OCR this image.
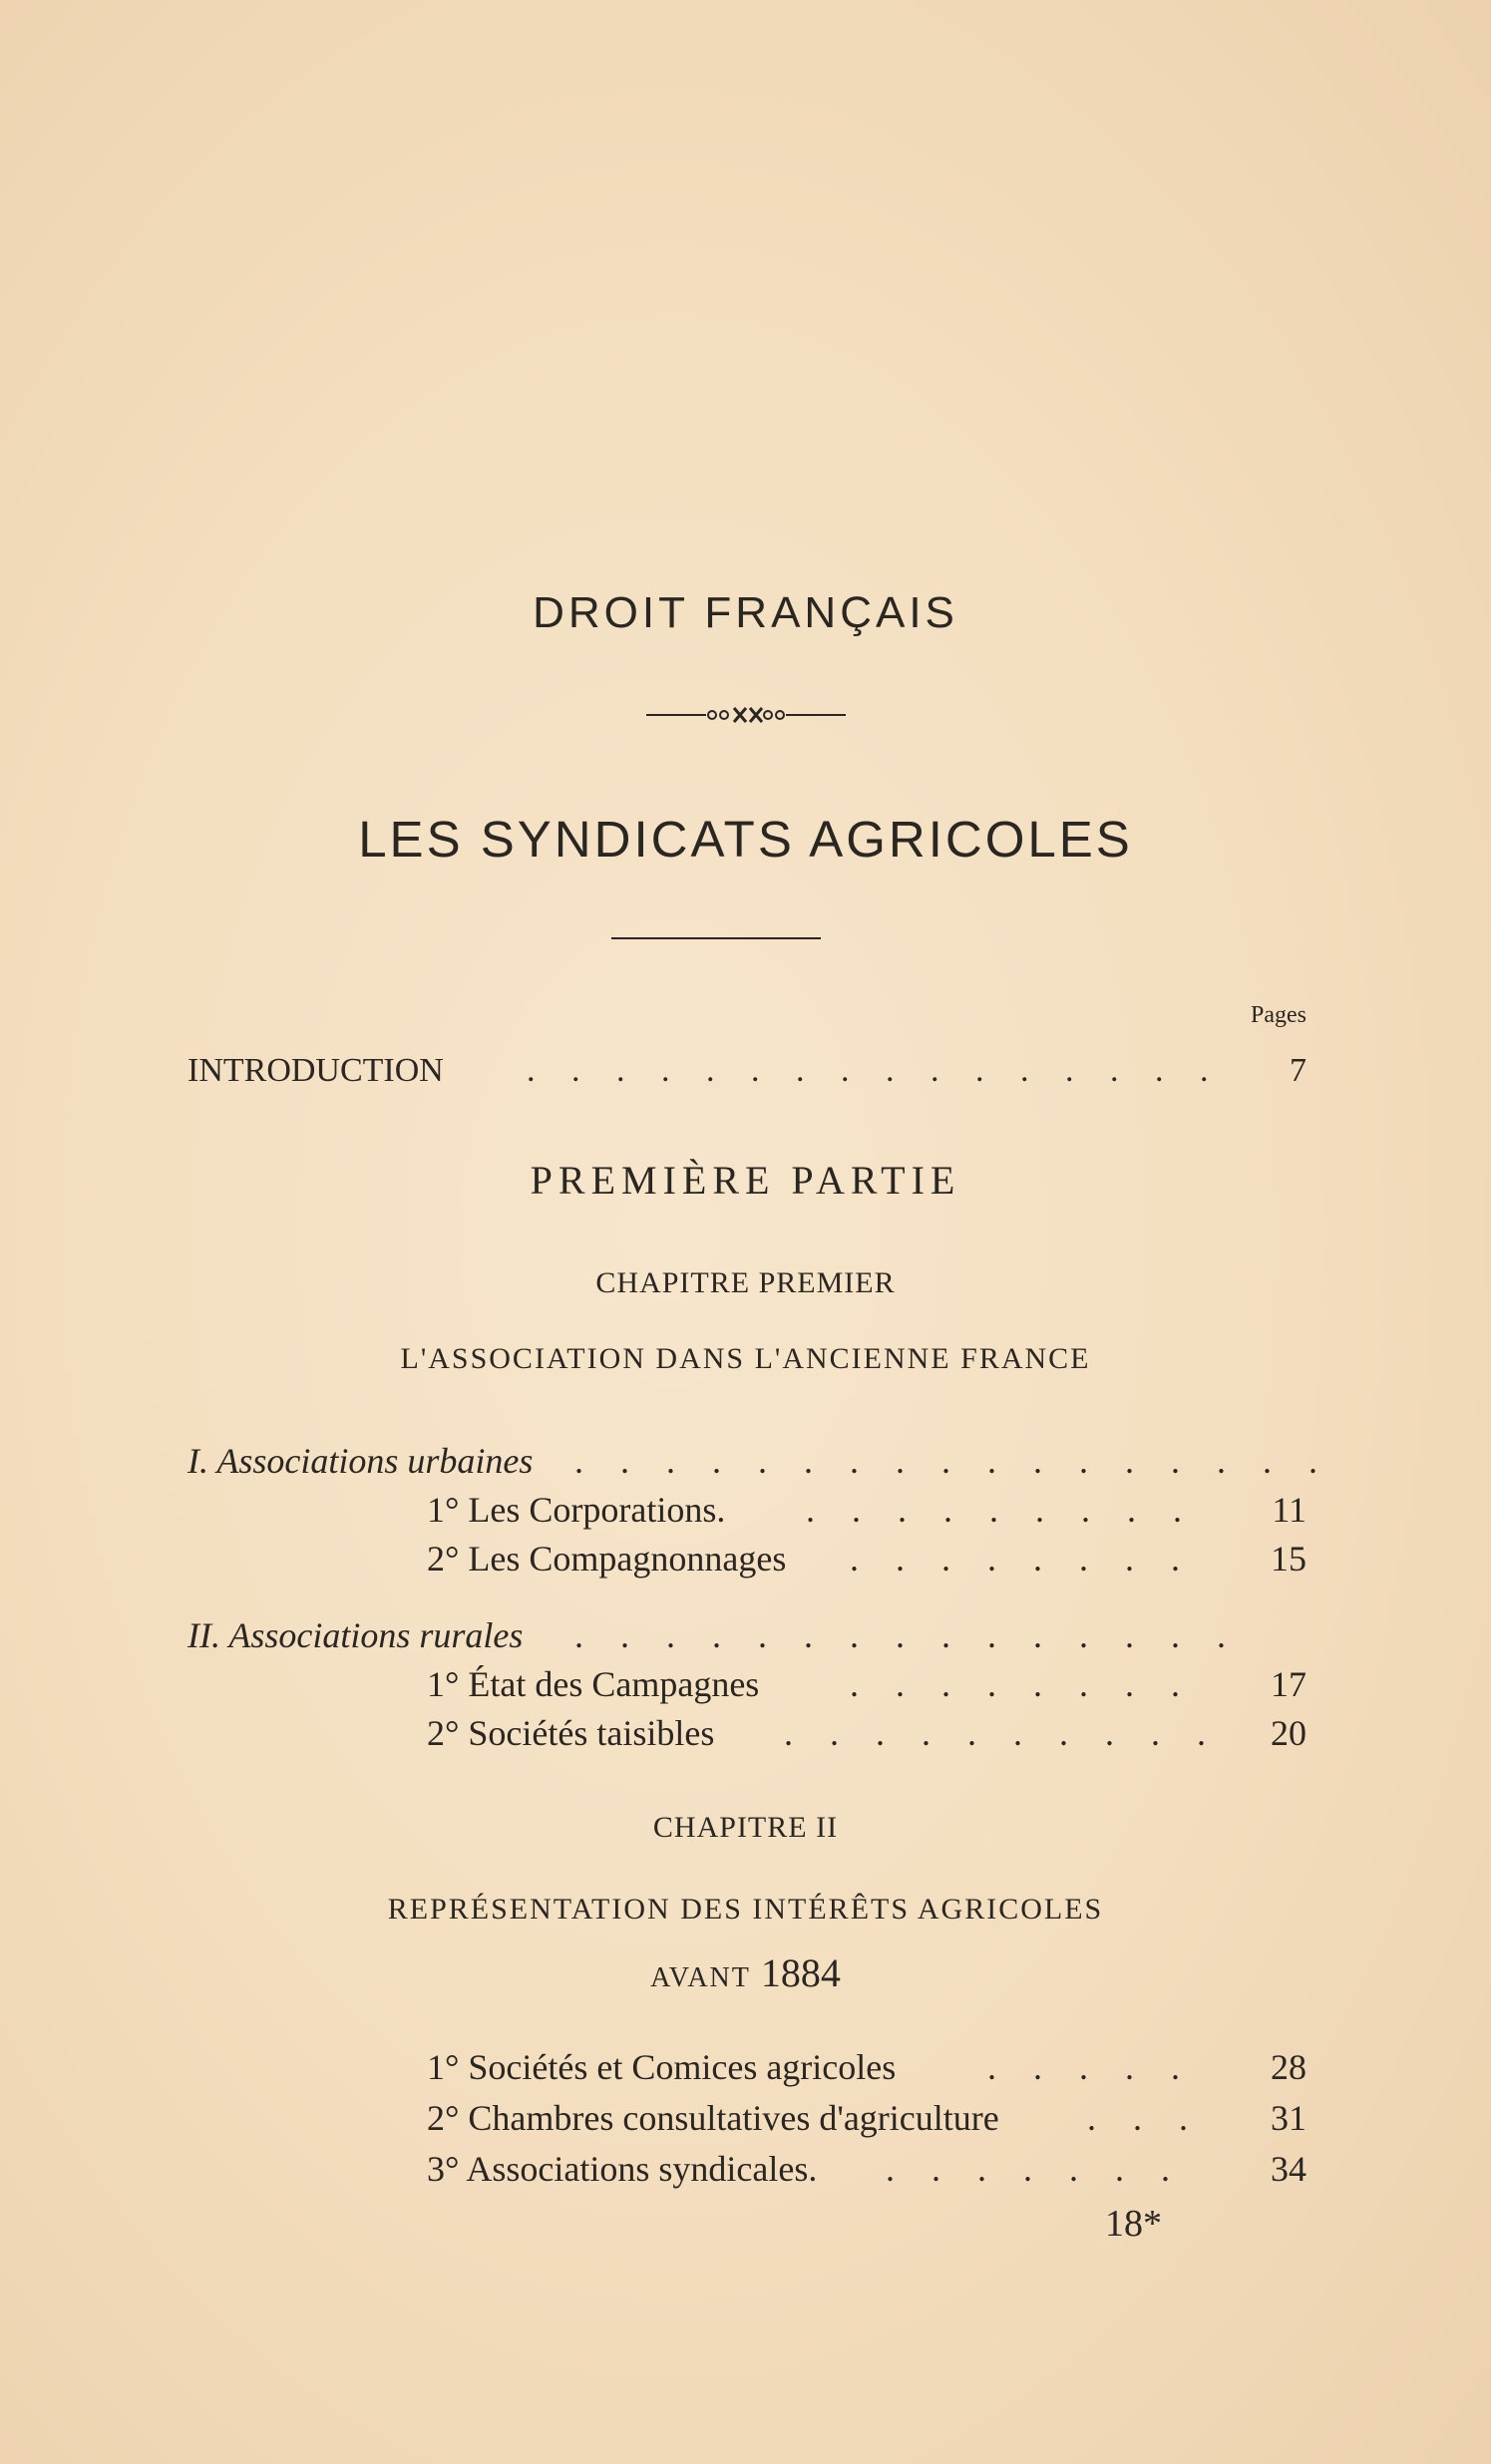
DROIT FRANÇAIS
LES SYNDICATS AGRICOLES
Pages
INTRODUCTION . . . . . . . . . . . . . . . . 7
PREMIÈRE PARTIE
CHAPITRE PREMIER
L'ASSOCIATION DANS L'ANCIENNE FRANCE
I. Associations urbaines . . . . . . . . . . . . . . . . .
1° Les Corporations. . . . . . . . . . 11
2° Les Compagnonnages . . . . . . . . 15
II. Associations rurales . . . . . . . . . . . . . . .
1° État des Campagnes	. . . . . . . . 17
2° Sociétés taisibles . . . . . . . . . . 20
CHAPITRE II
REPRÉSENTATION DES INTÉRÊTS AGRICOLES
AVANT 1884
1° Sociétés et Comices agricoles	. . . . . 28
2° Chambres consultatives d'agriculture . . . 31
3° Associations syndicales. . . . . . . . 34
18*
